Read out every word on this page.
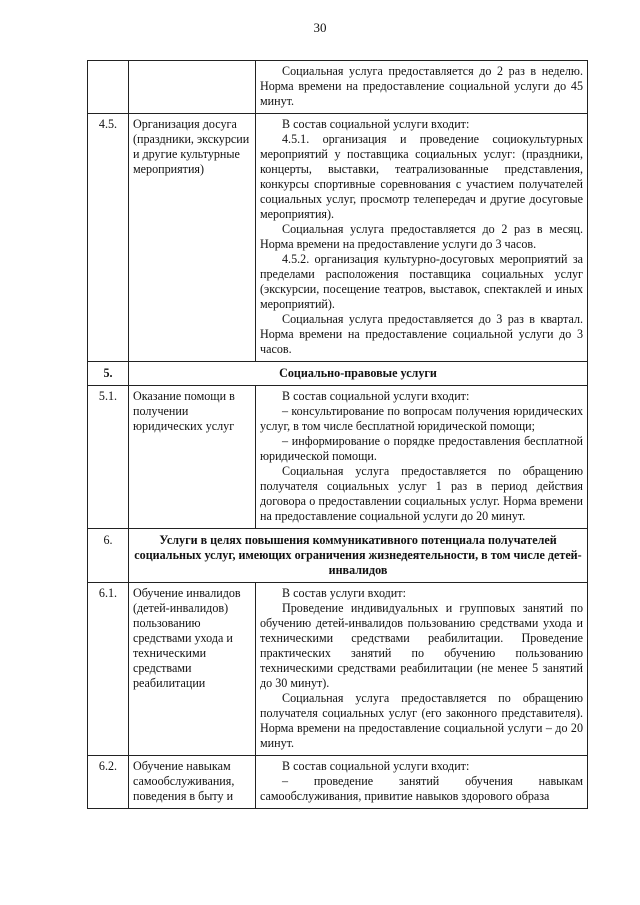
30

		Социальная услуга предоставляется до 2 раз в неделю. Норма времени на предоставление социальной услуги до 45 минут.

4.5.	Организация досуга (праздники, экскурсии и другие культурные мероприятия)	В состав социальной услуги входит:

4.5.1. организация и проведение социокультурных мероприятий у поставщика социальных услуг: (праздники, концерты, выставки, театрализованные представления, конкурсы спортивные соревнования с участием получателей социальных услуг, просмотр телепередач и другие досуговые мероприятия).

Социальная услуга предоставляется до 2 раз в месяц. Норма времени на предоставление услуги до 3 часов.

4.5.2. организация культурно-досуговых мероприятий за пределами расположения поставщика социальных услуг (экскурсии, посещение театров, выставок, спектаклей и иных мероприятий).

Социальная услуга предоставляется до 3 раз в квартал. Норма времени на предоставление социальной услуги до 3 часов.

5.	Социально-правовые услуги	
5.1.	Оказание помощи в получении юридических услуг	В состав социальной услуги входит:

– консультирование по вопросам получения юридических услуг, в том числе бесплатной юридической помощи;

– информирование о порядке предоставления бесплатной юридической помощи.

Социальная услуга предоставляется по обращению получателя социальных услуг 1 раз в период действия договора о предоставлении социальных услуг. Норма времени на предоставление социальной услуги до 20 минут.

6.	Услуги в целях повышения коммуникативного потенциала получателей социальных услуг, имеющих ограничения жизнедеятельности, в том числе детей-инвалидов	
6.1.	Обучение инвалидов (детей-инвалидов) пользованию средствами ухода и техническими средствами реабилитации	В состав услуги входит:

Проведение индивидуальных и групповых занятий по обучению детей-инвалидов пользованию средствами ухода и техническими средствами реабилитации. Проведение практических занятий по обучению пользованию техническими средствами реабилитации (не менее 5 занятий до 30 минут).

Социальная услуга предоставляется по обращению получателя социальных услуг (его законного представителя). Норма времени на предоставление социальной услуги – до 20 минут.

6.2.	Обучение навыкам самообслуживания, поведения в быту и	В состав социальной услуги входит:

– проведение занятий обучения навыкам самообслуживания, привитие навыков здорового образа
